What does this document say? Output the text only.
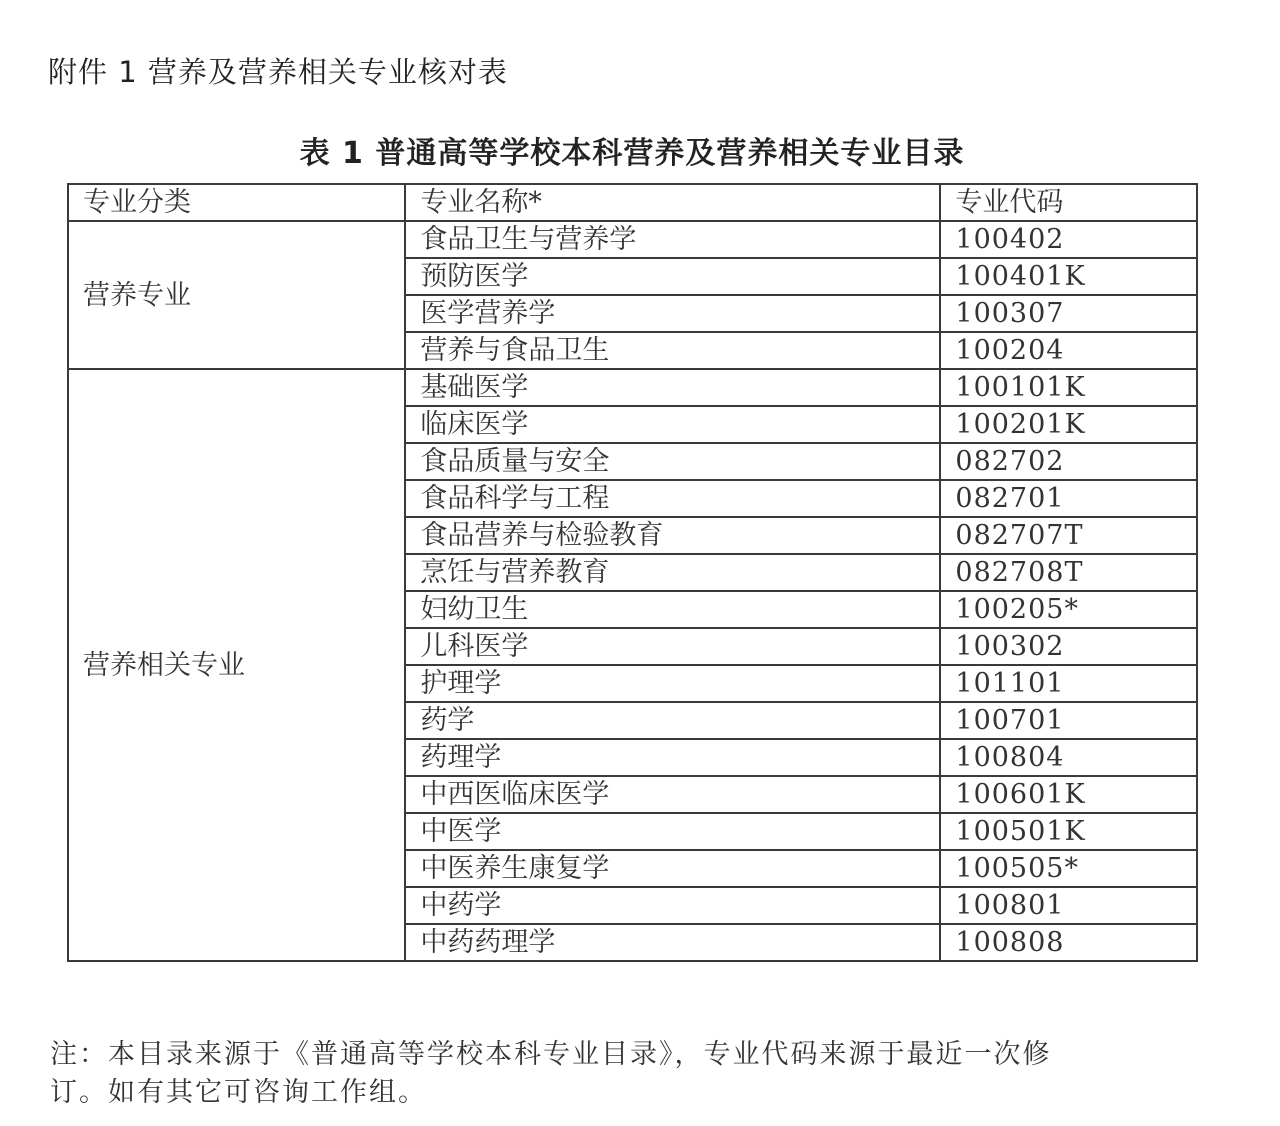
附件 1 营养及营养相关专业核对表
表 1 普通高等学校本科营养及营养相关专业目录
专业分类	专业名称*	专业代码
营养专业	食品卫生与营养学	100402
	预防医学	100401K
	医学营养学	100307
	营养与食品卫生	100204
营养相关专业	基础医学	100101K
	临床医学	100201K
	食品质量与安全	082702
	食品科学与工程	082701
	食品营养与检验教育	082707T
	烹饪与营养教育	082708T
	妇幼卫生	100205*
	儿科医学	100302
	护理学	101101
	药学	100701
	药理学	100804
	中西医临床医学	100601K
	中医学	100501K
	中医养生康复学	100505*
	中药学	100801
	中药药理学	100808
注：本目录来源于《普通高等学校本科专业目录》，专业代码来源于最近一次修
订。如有其它可咨询工作组。
